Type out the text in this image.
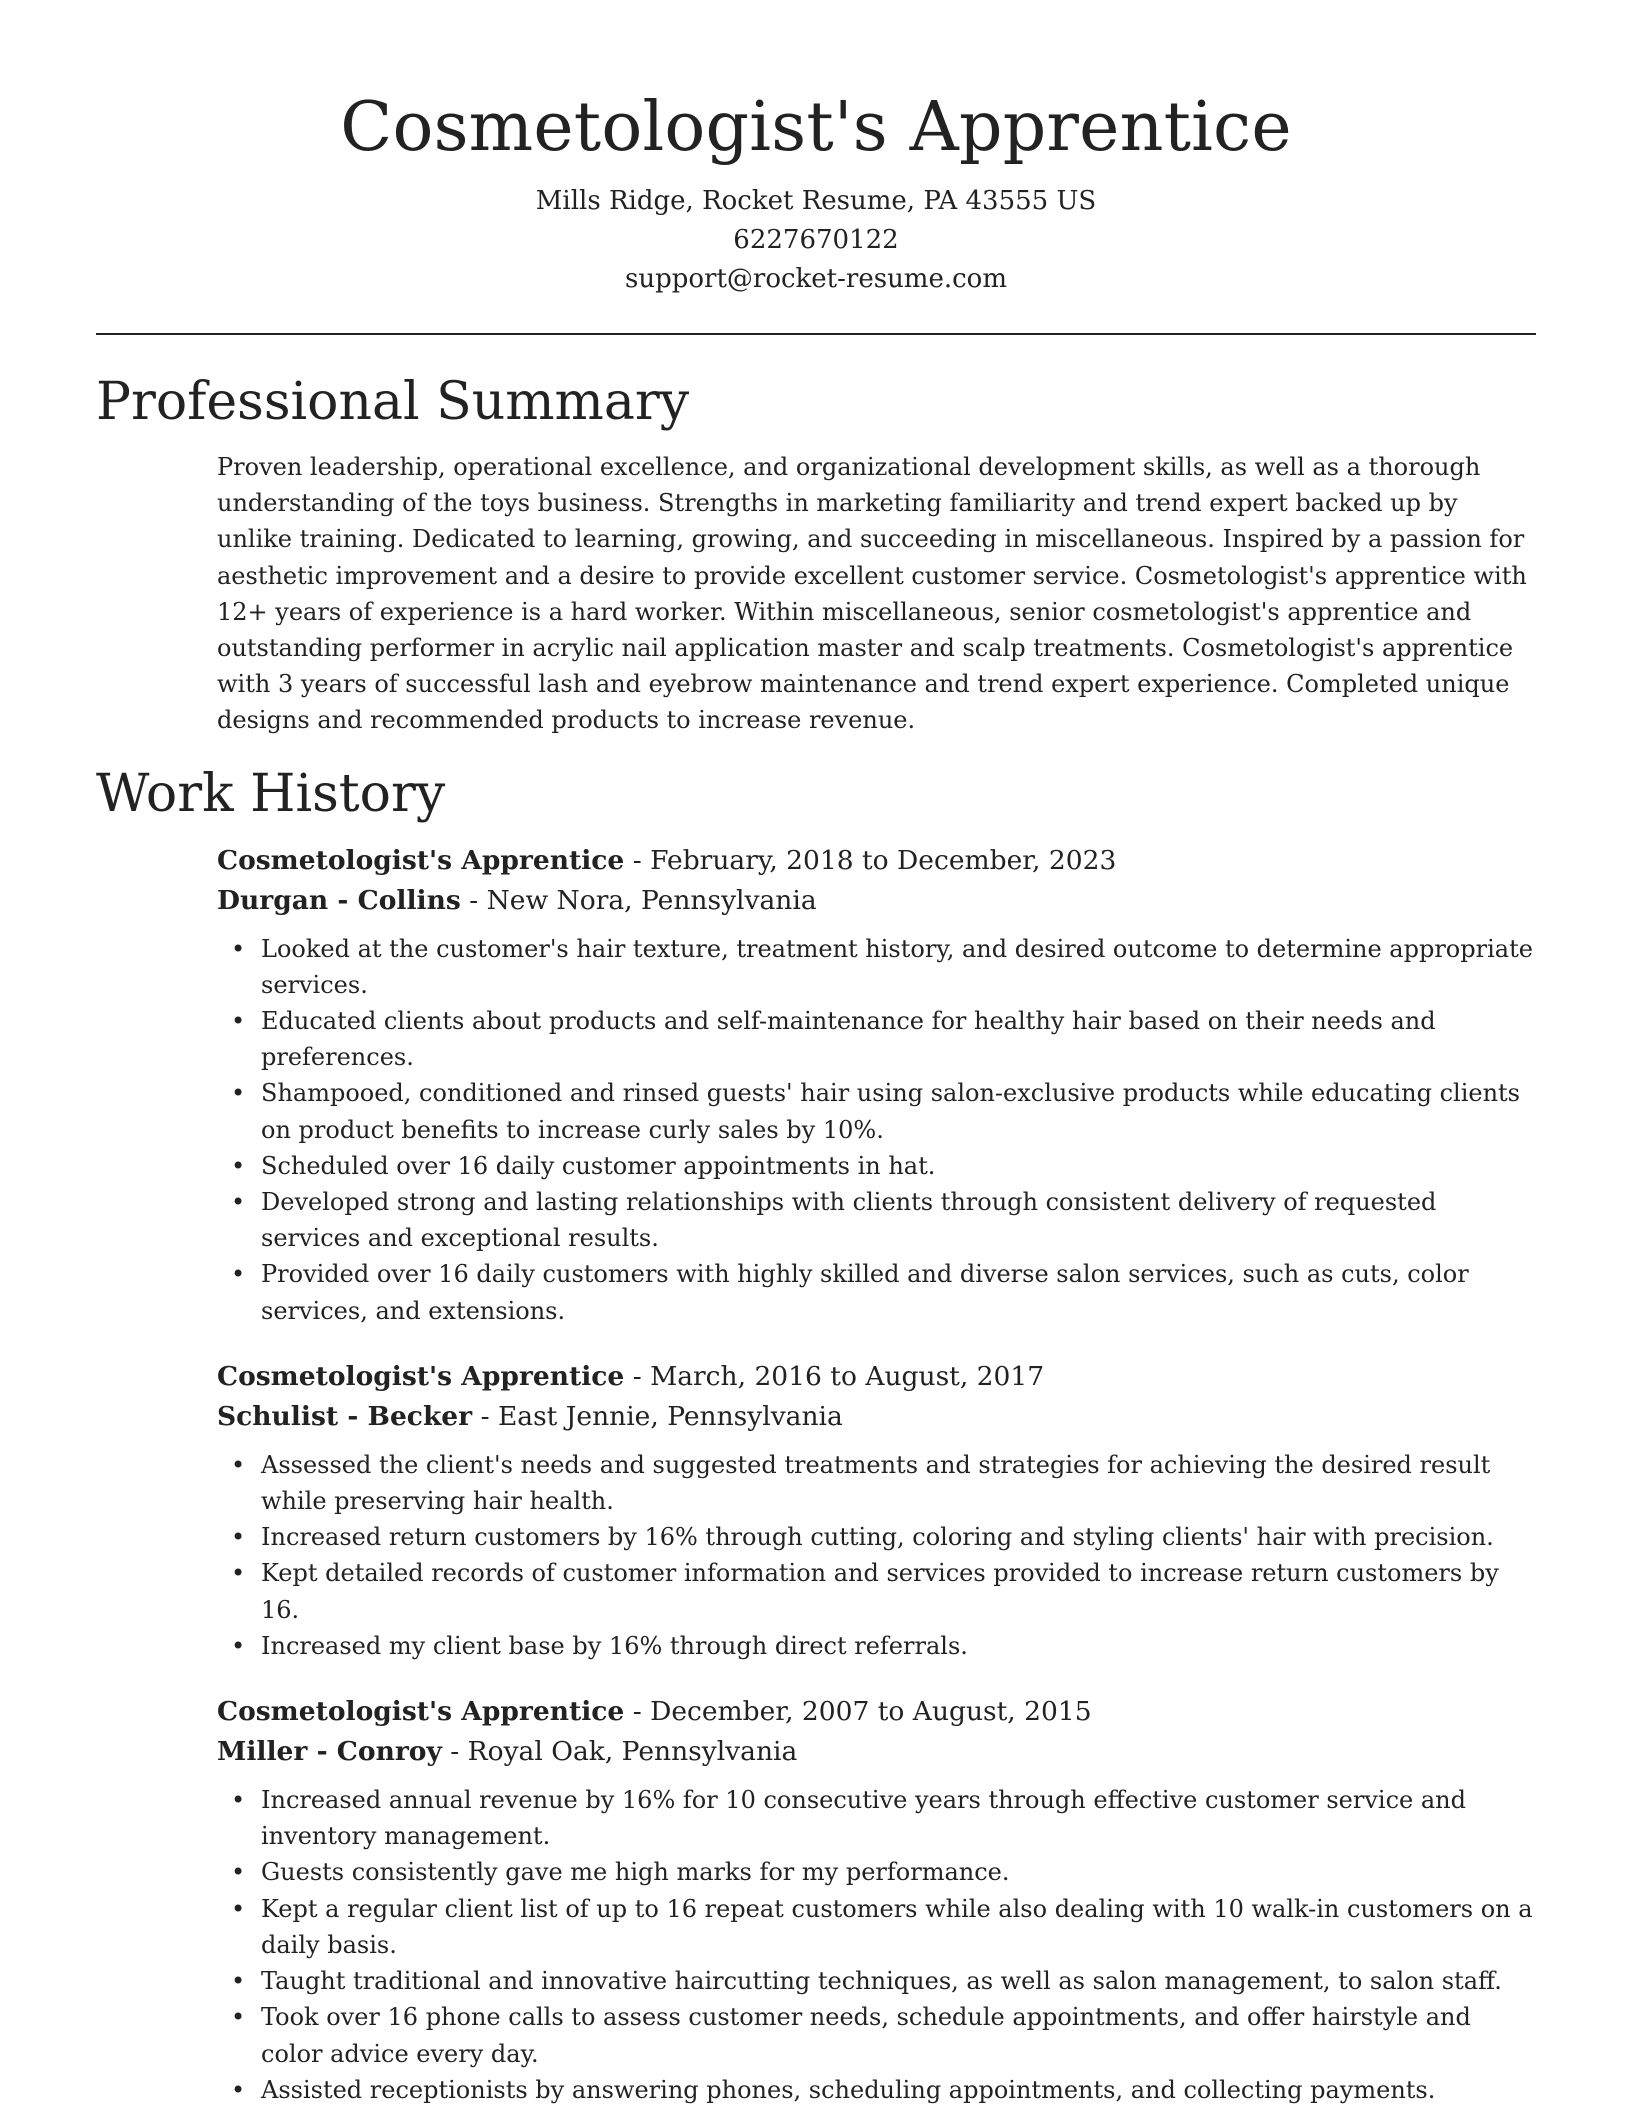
Cosmetologist's Apprentice

Mills Ridge, Rocket Resume, PA 43555 US

6227670122

support@rocket-resume.com

Professional Summary

Proven leadership, operational excellence, and organizational development skills, as well as a thorough understanding of the toys business. Strengths in marketing familiarity and trend expert backed up by unlike training. Dedicated to learning, growing, and succeeding in miscellaneous. Inspired by a passion for aesthetic improvement and a desire to provide excellent customer service. Cosmetologist's apprentice with 12+ years of experience is a hard worker. Within miscellaneous, senior cosmetologist's apprentice and outstanding performer in acrylic nail application master and scalp treatments. Cosmetologist's apprentice with 3 years of successful lash and eyebrow maintenance and trend expert experience. Completed unique designs and recommended products to increase revenue.

Work History

Cosmetologist's Apprentice - February, 2018 to December, 2023

Durgan - Collins - New Nora, Pennsylvania

• Looked at the customer's hair texture, treatment history, and desired outcome to determine appropriate services.
• Educated clients about products and self-maintenance for healthy hair based on their needs and preferences.
• Shampooed, conditioned and rinsed guests' hair using salon-exclusive products while educating clients on product benefits to increase curly sales by 10%.
• Scheduled over 16 daily customer appointments in hat.
• Developed strong and lasting relationships with clients through consistent delivery of requested services and exceptional results.
• Provided over 16 daily customers with highly skilled and diverse salon services, such as cuts, color services, and extensions.

Cosmetologist's Apprentice - March, 2016 to August, 2017

Schulist - Becker - East Jennie, Pennsylvania

• Assessed the client's needs and suggested treatments and strategies for achieving the desired result while preserving hair health.
• Increased return customers by 16% through cutting, coloring and styling clients' hair with precision.
• Kept detailed records of customer information and services provided to increase return customers by 16.
• Increased my client base by 16% through direct referrals.

Cosmetologist's Apprentice - December, 2007 to August, 2015

Miller - Conroy - Royal Oak, Pennsylvania

• Increased annual revenue by 16% for 10 consecutive years through effective customer service and inventory management.
• Guests consistently gave me high marks for my performance.
• Kept a regular client list of up to 16 repeat customers while also dealing with 10 walk-in customers on a daily basis.
• Taught traditional and innovative haircutting techniques, as well as salon management, to salon staff.
• Took over 16 phone calls to assess customer needs, schedule appointments, and offer hairstyle and color advice every day.
• Assisted receptionists by answering phones, scheduling appointments, and collecting payments.
